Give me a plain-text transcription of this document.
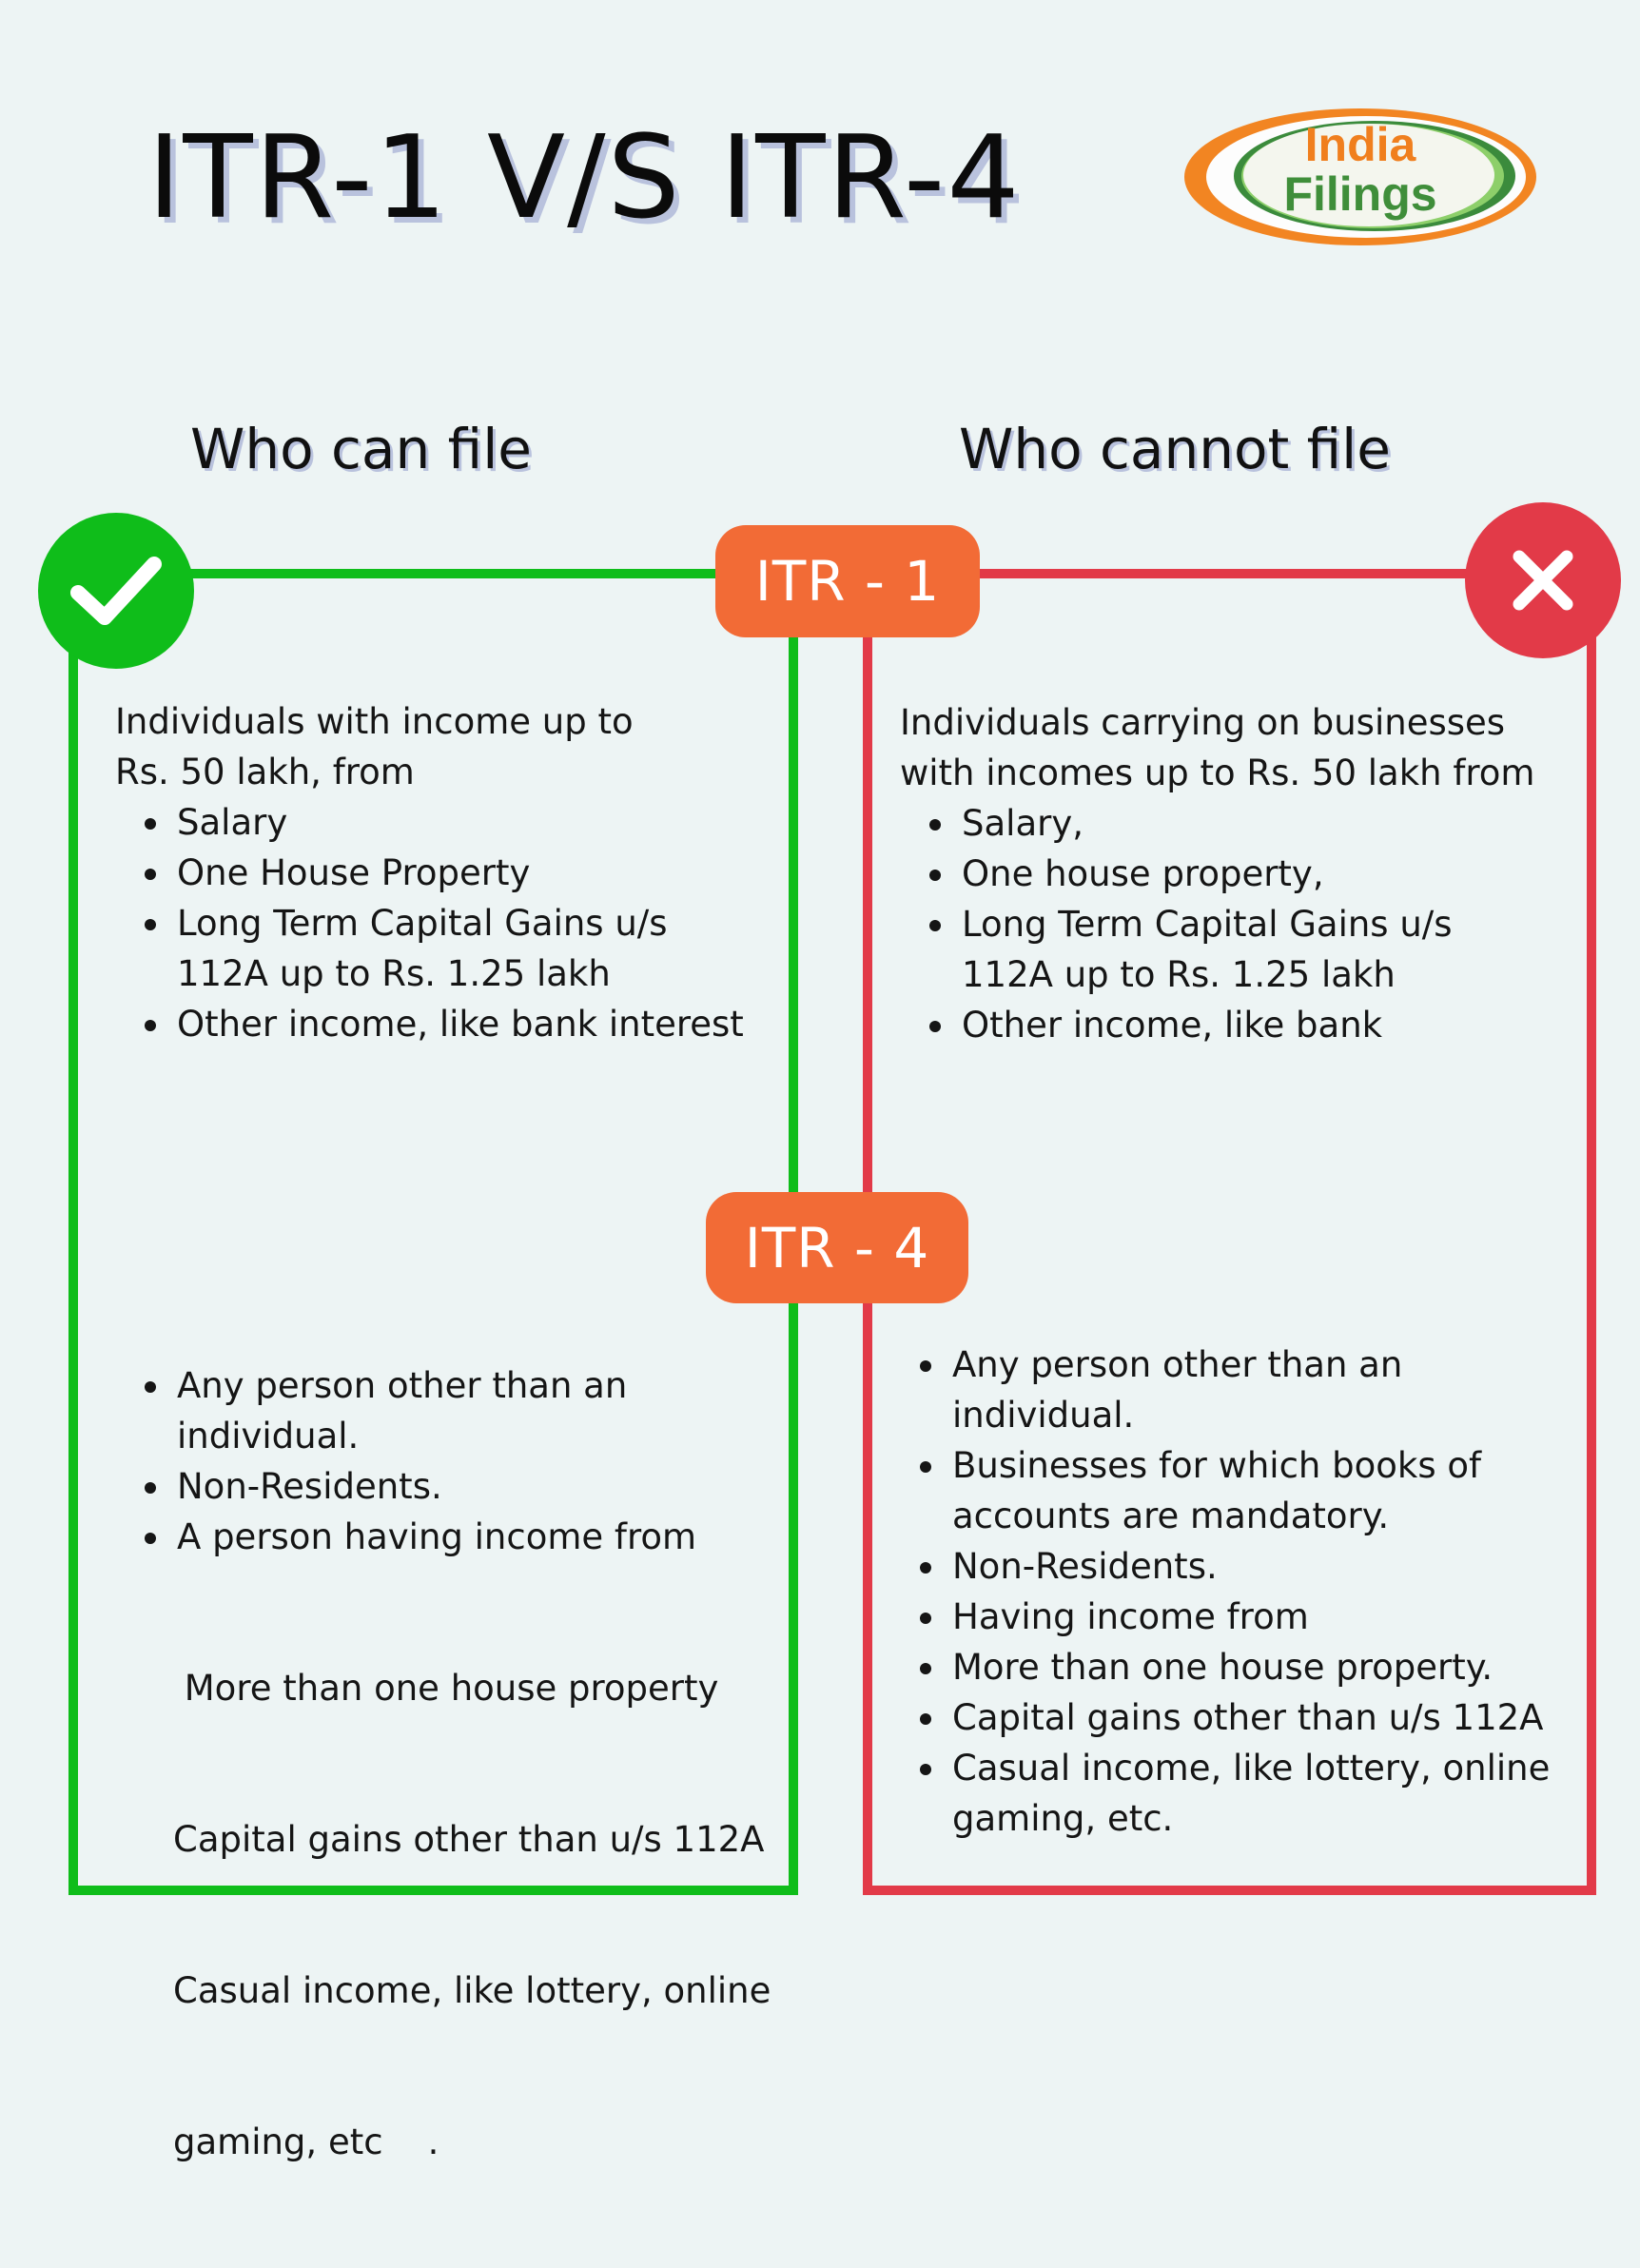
ITR-1 V/S ITR-4	India
Filings
Who can file	Who cannot file
ITR - 1
ITR - 4

Individuals with income up to

Rs. 50 lakh, from

Salary
One House Property
Long Term Capital Gains u/s
112A up to Rs. 1.25 lakh
Other income, like bank interest

Individuals carrying on businesses

with incomes up to Rs. 50 lakh from

Salary,
One house property,
Long Term Capital Gains u/s
112A up to Rs. 1.25 lakh
Other income, like bank
Any person other than an
individual.
Non-Residents.
A person having income from

More than one house property

Capital gains other than u/s 112A

Casual income, like lottery, online

gaming, etc    .

Any person other than an
individual.
Businesses for which books of
accounts are mandatory.
Non-Residents.
Having income from
More than one house property.
Capital gains other than u/s 112A
Casual income, like lottery, online
gaming, etc.
